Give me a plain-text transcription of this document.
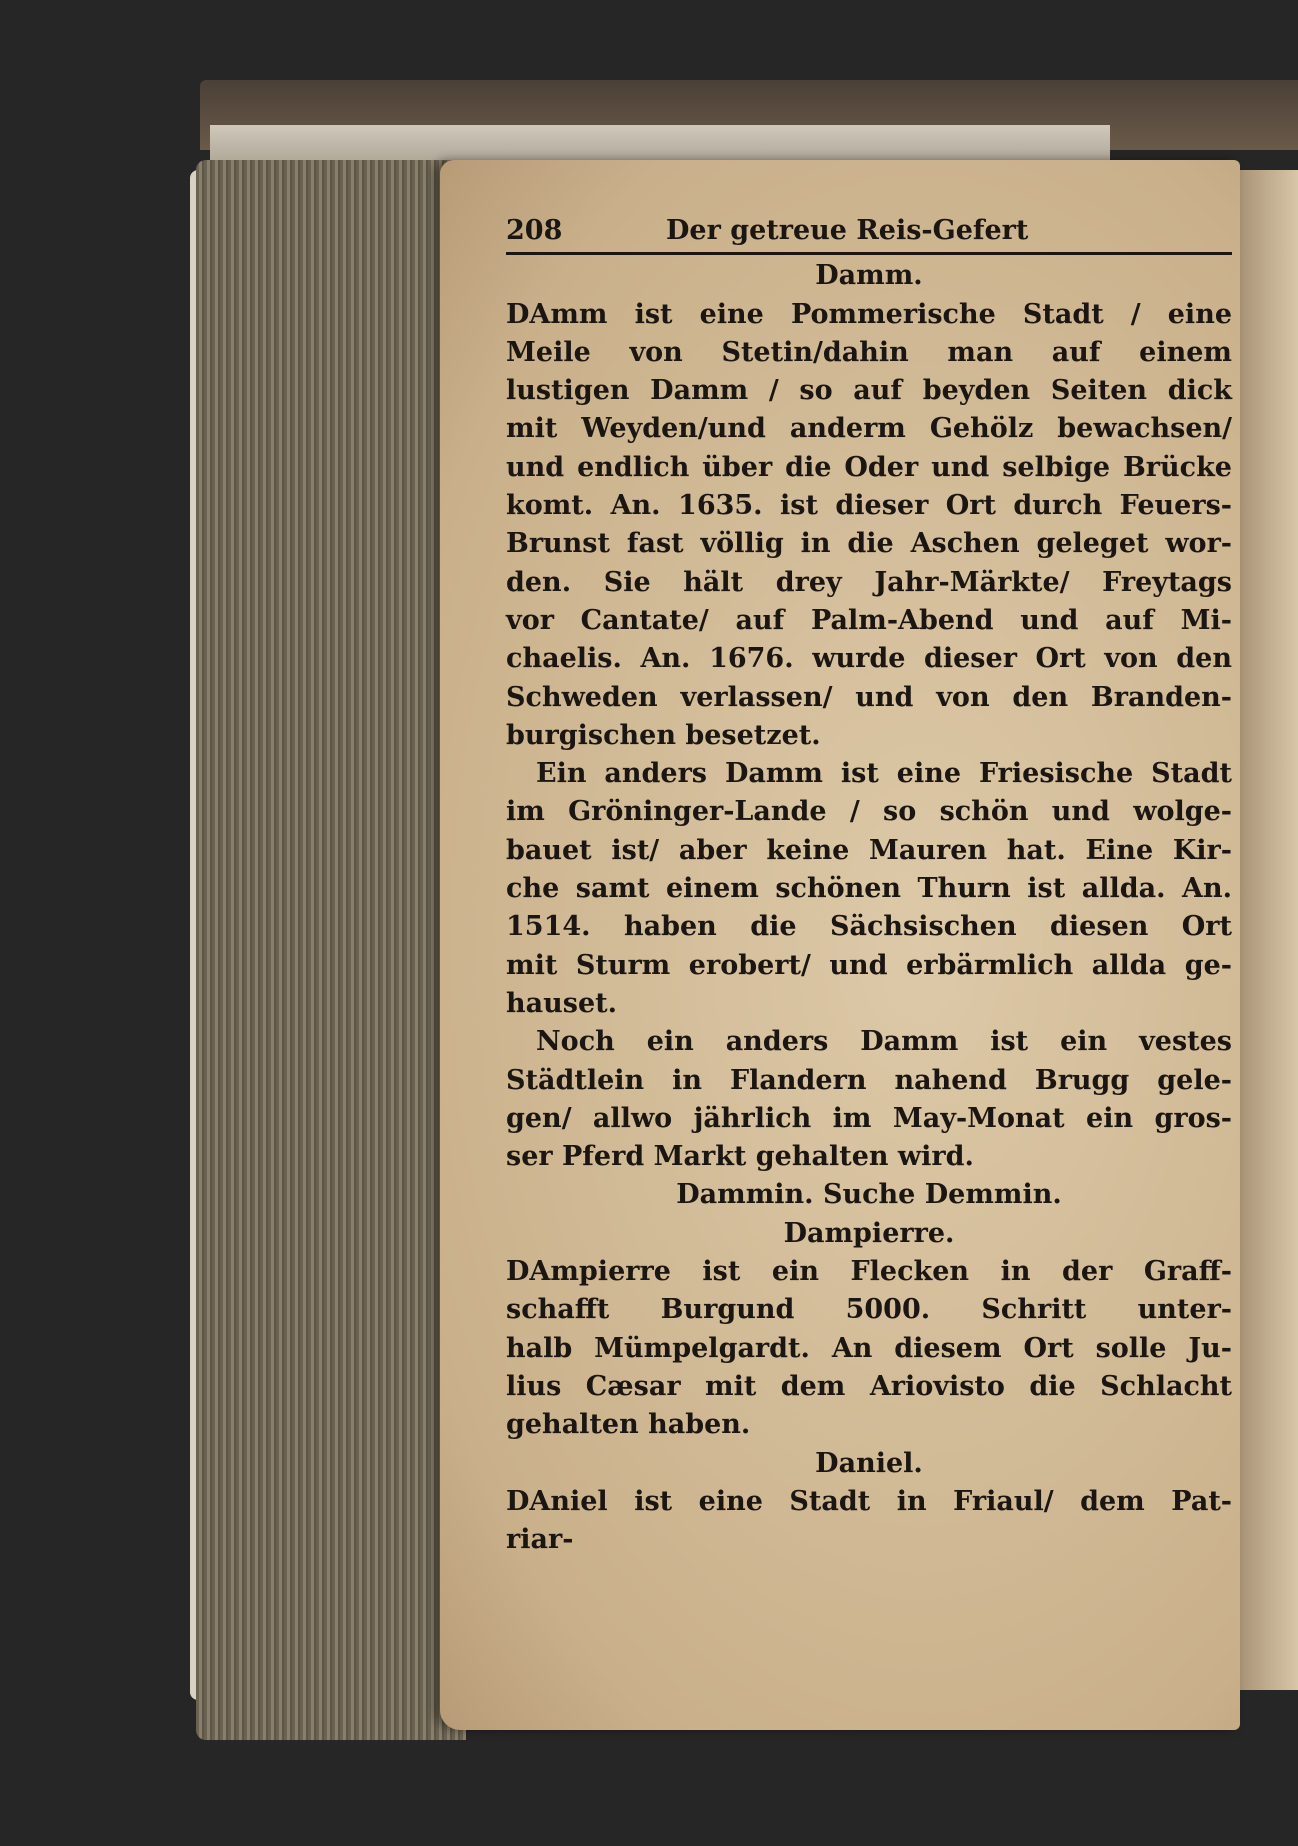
208	Der getreue Reis-Gefert
Damm.
DAmm ist eine Pommerische Stadt / eine
Meile von Stetin/dahin man auf einem
lustigen Damm / so auf beyden Seiten dick
mit Weyden/und anderm Gehölz bewachsen/
und endlich über die Oder und selbige Brücke
komt. An. 1635. ist dieser Ort durch Feuers-
Brunst fast völlig in die Aschen geleget wor-
den. Sie hält drey Jahr-Märkte/ Freytags
vor Cantate/ auf Palm-Abend und auf Mi-
chaelis. An. 1676. wurde dieser Ort von den
Schweden verlassen/ und von den Branden-
burgischen besetzet.
Ein anders Damm ist eine Friesische Stadt
im Gröninger-Lande / so schön und wolge-
bauet ist/ aber keine Mauren hat. Eine Kir-
che samt einem schönen Thurn ist allda. An.
1514. haben die Sächsischen diesen Ort
mit Sturm erobert/ und erbärmlich allda ge-
hauset.
Noch ein anders Damm ist ein vestes
Städtlein in Flandern nahend Brugg gele-
gen/ allwo jährlich im May-Monat ein gros-
ser Pferd Markt gehalten wird.
Dammin. Suche Demmin.
Dampierre.
DAmpierre ist ein Flecken in der Graff-
schafft Burgund 5000. Schritt unter-
halb Mümpelgardt. An diesem Ort solle Ju-
lius Cæsar mit dem Ariovisto die Schlacht
gehalten haben.
Daniel.
DAniel ist eine Stadt in Friaul/ dem Pat-
riar-
